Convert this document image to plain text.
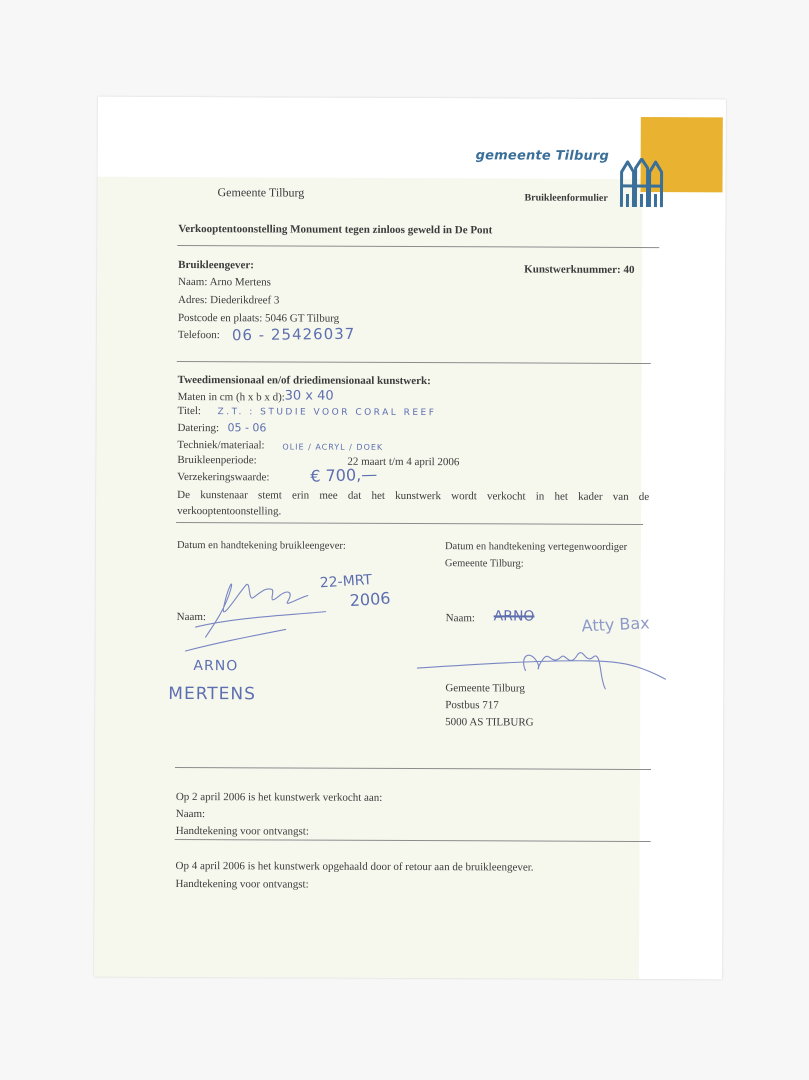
gemeente Tilburg
Gemeente Tilburg	Bruikleenformulier
Verkooptentoonstelling Monument tegen zinloos geweld in De Pont
Bruikleengever:	Kunstwerknummer: 40
Naam: Arno Mertens
Adres: Diederikdreef 3
Postcode en plaats: 5046 GT Tilburg
Telefoon: 06 - 25426037
Tweedimensionaal en/of driedimensionaal kunstwerk:
Maten in cm (h x b x d): 30 x 40
Titel: Z.T. : STUDIE VOOR CORAL REEF
Datering: 05 - 06
Techniek/materiaal: OLIE / ACRYL / DOEK
Bruikleenperiode:	22 maart t/m 4 april 2006
Verzekeringswaarde:	€ 700,—
De kunstenaar stemt erin mee dat het kunstwerk wordt verkocht in het kader van de
verkooptentoonstelling.
Datum en handtekening bruikleengever:	Datum en handtekening vertegenwoordiger
Gemeente Tilburg:
22-MRT
2006
Naam:
ARNO
MERTENS
Naam: ARNO	Atty Bax
Gemeente Tilburg
Postbus 717
5000 AS TILBURG
Op 2 april 2006 is het kunstwerk verkocht aan:
Naam:
Handtekening voor ontvangst:
Op 4 april 2006 is het kunstwerk opgehaald door of retour aan de bruikleengever.
Handtekening voor ontvangst:
